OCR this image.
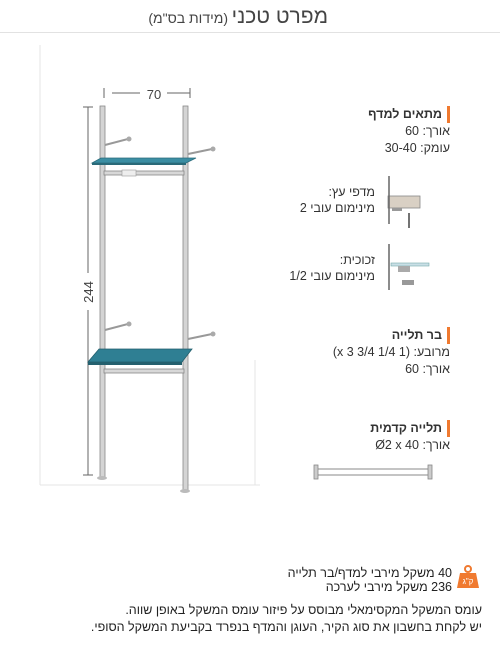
מפרט טכני
(מידות בס"מ)
70
244
מתאים למדף
אורך: 60
עומק: 30-40
מדפי עץ:
מינימום עובי 2
זכוכית:
מינימום עובי 1/2
בר תלייה
מרובע: (1 1/4 x 3 3/4)
אורך: 60
תלייה קדמית
אורך: Ø2 x 40
40 משקל מירבי למדף/בר תלייה
236 משקל מירבי לערכה ק"ג
עומס המשקל המקסימאלי מבוסס על פיזור עומס המשקל באופן שווה.
יש לקחת בחשבון את סוג הקיר, העוגן והמדף בנפרד בקביעת המשקל הסופי.
